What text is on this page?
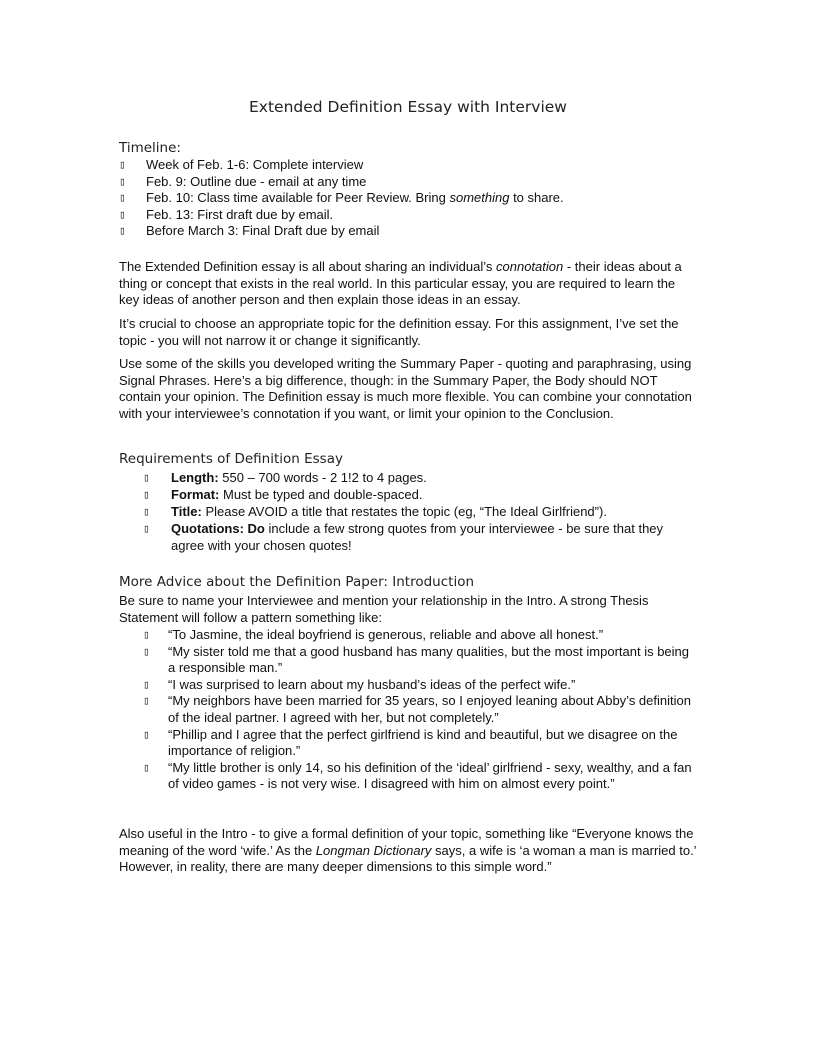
Extended Definition Essay with Interview
Timeline:
▯ Week of Feb. 1-6: Complete interview
▯ Feb. 9: Outline due - email at any time
▯ Feb. 10: Class time available for Peer Review. Bring something to share.
▯ Feb. 13: First draft due by email.
▯ Before March 3: Final Draft due by email
The Extended Definition essay is all about sharing an individual’s connotation - their ideas about a thing or concept that exists in the real world. In this particular essay, you are required to learn the key ideas of another person and then explain those ideas in an essay.
It’s crucial to choose an appropriate topic for the definition essay. For this assignment, I’ve set the topic - you will not narrow it or change it significantly.
Use some of the skills you developed writing the Summary Paper - quoting and paraphrasing, using Signal Phrases. Here’s a big difference, though: in the Summary Paper, the Body should NOT contain your opinion. The Definition essay is much more flexible. You can combine your connotation with your interviewee’s connotation if you want, or limit your opinion to the Conclusion.
Requirements of Definition Essay
▯ Length: 550 – 700 words - 2 1!2 to 4 pages.
▯ Format: Must be typed and double-spaced.
▯ Title: Please AVOID a title that restates the topic (eg, “The Ideal Girlfriend”).
▯ Quotations: Do include a few strong quotes from your interviewee - be sure that they agree with your chosen quotes!
More Advice about the Definition Paper: Introduction
Be sure to name your Interviewee and mention your relationship in the Intro. A strong Thesis Statement will follow a pattern something like:
▯ “To Jasmine, the ideal boyfriend is generous, reliable and above all honest.”
▯ “My sister told me that a good husband has many qualities, but the most important is being a responsible man.”
▯ “I was surprised to learn about my husband’s ideas of the perfect wife.”
▯ “My neighbors have been married for 35 years, so I enjoyed leaning about Abby’s definition of the ideal partner. I agreed with her, but not completely.”
▯ “Phillip and I agree that the perfect girlfriend is kind and beautiful, but we disagree on the importance of religion.”
▯ “My little brother is only 14, so his definition of the ‘ideal’ girlfriend - sexy, wealthy, and a fan of video games - is not very wise. I disagreed with him on almost every point.”
Also useful in the Intro - to give a formal definition of your topic, something like “Everyone knows the meaning of the word ‘wife.’ As the Longman Dictionary says, a wife is ‘a woman a man is married to.’ However, in reality, there are many deeper dimensions to this simple word.”
